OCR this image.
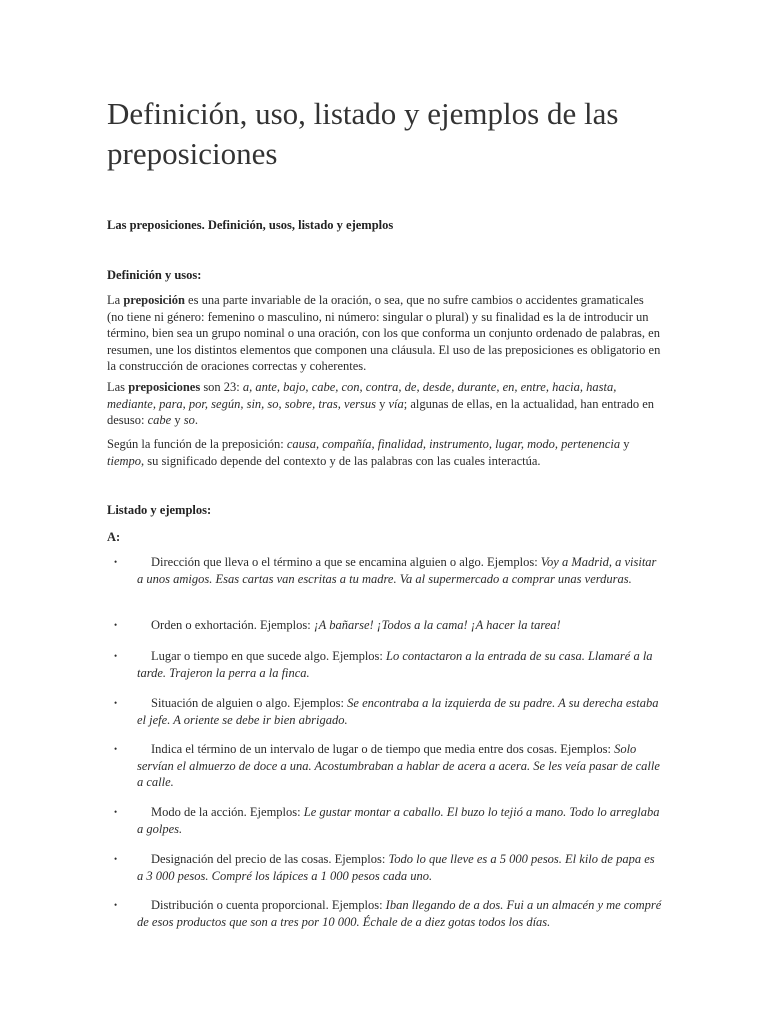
Definición, uso, listado y ejemplos de las preposiciones

Las preposiciones. Definición, usos, listado y ejemplos

Definición y usos:

La preposición es una parte invariable de la oración, o sea, que no sufre cambios o accidentes gramaticales (no tiene ni género: femenino o masculino, ni número: singular o plural) y su finalidad es la de introducir un término, bien sea un grupo nominal o una oración, con los que conforma un conjunto ordenado de palabras, en resumen, une los distintos elementos que componen una cláusula. El uso de las preposiciones es obligatorio en la construcción de oraciones correctas y coherentes.

Las preposiciones son 23: a, ante, bajo, cabe, con, contra, de, desde, durante, en, entre, hacia, hasta, mediante, para, por, según, sin, so, sobre, tras, versus y vía; algunas de ellas, en la actualidad, han entrado en desuso: cabe y so.

Según la función de la preposición: causa, compañía, finalidad, instrumento, lugar, modo, pertenencia y tiempo, su significado depende del contexto y de las palabras con las cuales interactúa.

Listado y ejemplos:

A:

•	Dirección que lleva o el término a que se encamina alguien o algo. Ejemplos: Voy a Madrid, a visitar a unos amigos. Esas cartas van escritas a tu madre. Va al supermercado a comprar unas verduras.
•	Orden o exhortación. Ejemplos: ¡A bañarse! ¡Todos a la cama! ¡A hacer la tarea!
•	Lugar o tiempo en que sucede algo. Ejemplos: Lo contactaron a la entrada de su casa. Llamaré a la tarde. Trajeron la perra a la finca.
•	Situación de alguien o algo. Ejemplos: Se encontraba a la izquierda de su padre. A su derecha estaba el jefe. A oriente se debe ir bien abrigado.
•	Indica el término de un intervalo de lugar o de tiempo que media entre dos cosas. Ejemplos: Solo servían el almuerzo de doce a una. Acostumbraban a hablar de acera a acera. Se les veía pasar de calle a calle.
•	Modo de la acción. Ejemplos: Le gustar montar a caballo. El buzo lo tejió a mano. Todo lo arreglaba a golpes.
•	Designación del precio de las cosas. Ejemplos: Todo lo que lleve es a 5 000 pesos. El kilo de papa es a 3 000 pesos. Compré los lápices a 1 000 pesos cada uno.
•	Distribución o cuenta proporcional. Ejemplos: Iban llegando de a dos. Fui a un almacén y me compré de esos productos que son a tres por 10 000. Échale de a diez gotas todos los días.
